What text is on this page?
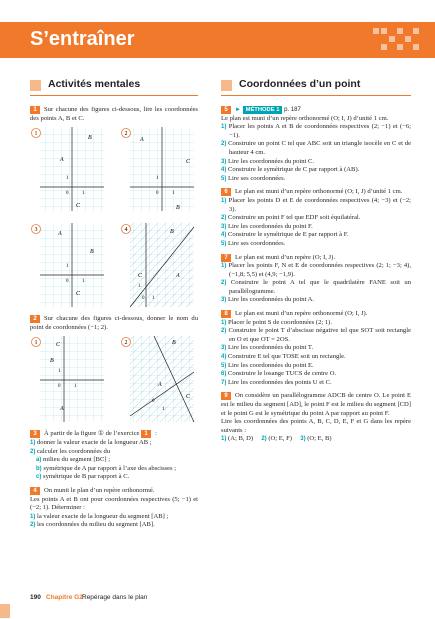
S’entraîner
Activités mentales
1 Sur chacune des figures ci-dessous, lire les coordonnées des points A, B et C.
1
A
B
C
0	1
1
2
A
B
C
0	1
1
3
A
B
C
0	1
1
4
A
B
C
0 1
1
2 Sur chacune des figures ci-dessous, donner le nom du point de coordonnées (−1; 2).
1
A
B
C
0	1
1
2
A
B
C
0
1
3 À partir de la figure ① de l’exercice 1 :
1) donner la valeur exacte de la longueur AB ;
2) calculer les coordonnées du
a) milieu du segment [BC] ;
b) symétrique de A par rapport à l’axe des abscisses ;
c) symétrique de B par rapport à C.
4 On munit le plan d’un repère orthonormé.
Les points A et B ont pour coordonnées respectives (5; −1) et (−2; 1). Déterminer :
1) la valeur exacte de la longueur du segment [AB] ;
2) les coordonnées du milieu du segment [AB].
Coordonnées d’un point
5 ► MÉTHODE 1 p. 187
Le plan est muni d’un repère orthonormé (O; I, J) d’unité 1 cm.
1) Placer les points A et B de coordonnées respectives (2; −1) et (−6; −1).
2) Construire un point C tel que ABC soit un triangle isocèle en C et de hauteur 4 cm.
3) Lire les coordonnées du point C.
4) Construire le symétrique de C par rapport à (AB).
5) Lire ses coordonnées.
6 Le plan est muni d’un repère orthonormé (O; I, J) d’unité 1 cm.
1) Placer les points D et E de coordonnées respectives (4; −3) et (−2; 3).
2) Construire un point F tel que EDF soit équilatéral.
3) Lire les coordonnées du point F.
4) Construire le symétrique de E par rapport à F.
5) Lire ses coordonnées.
7 Le plan est muni d’un repère (O; I, J).
1) Placer les points F, N et E de coordonnées respectives (2; 1; −3; 4), (−1,8; 5,5) et (4,9; −1,9).
2) Construire le point A tel que le quadrilatère FANE soit un parallélogramme.
3) Lire les coordonnées du point A.
8 Le plan est muni d’un repère orthonormé (O; I, J).
1) Placer le point S de coordonnées (2; 1).
2) Construire le point T d’abscisse négative tel que SOT soit rectangle en O et que OT = 2OS.
3) Lire les coordonnées du point T.
4) Construire E tel que TOSE soit un rectangle.
5) Lire les coordonnées du point E.
6) Construire le losange TUCS de centre O.
7) Lire les coordonnées des points U et C.
9 On considère un parallélogramme ADCB de centre O. Le point E est le milieu du segment [AD], le point F est le milieu du segment [CD] et le point G est le symétrique du point A par rapport au point F.
Lire les coordonnées des points A, B, C, D, E, F et G dans les repère suivants :
1) (A; B, D) 2) (O; E, F) 3) (O; E, B)
190 Chapitre G2 Repérage dans le plan
